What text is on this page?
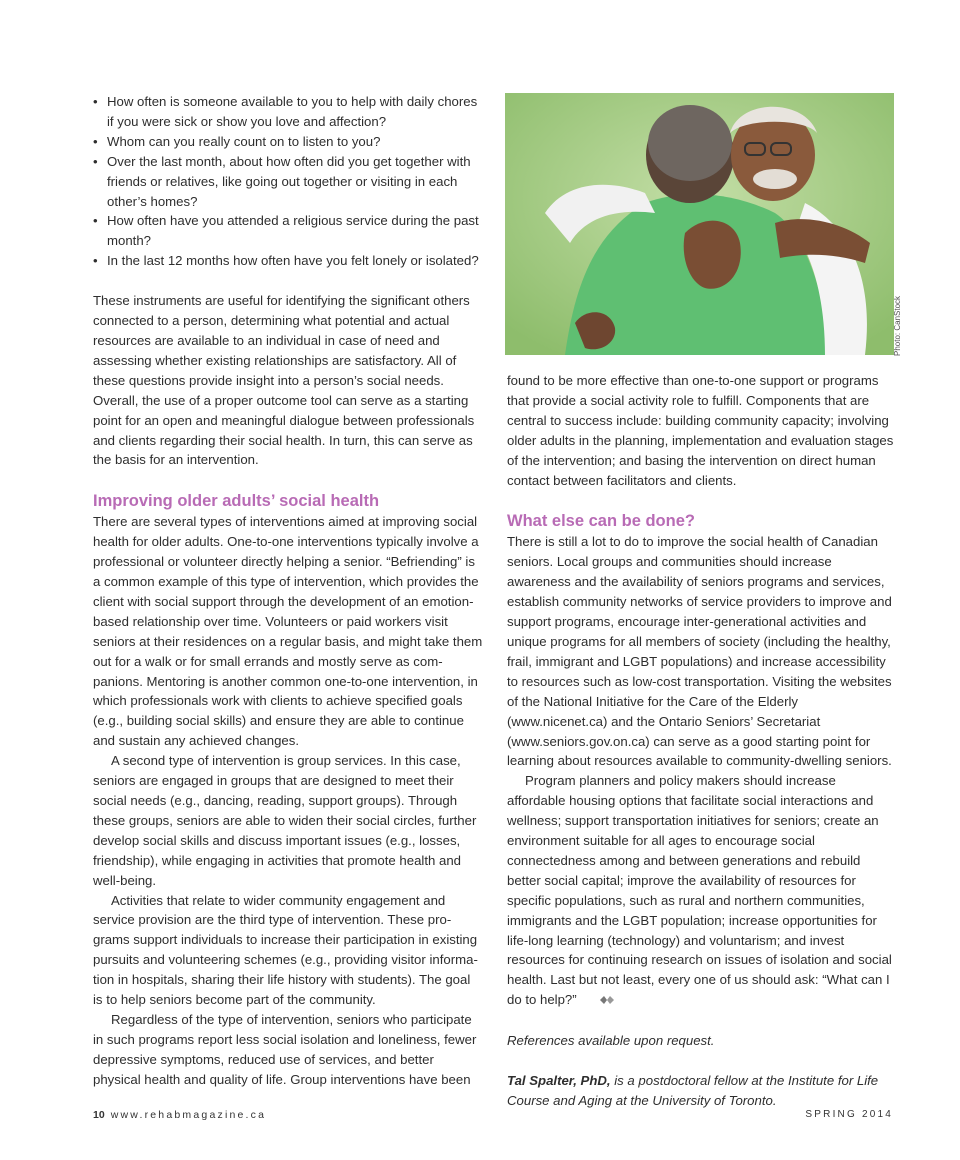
• How often is someone available to you to help with daily chores if you were sick or show you love and affection?
• Whom can you really count on to listen to you?
• Over the last month, about how often did you get together with friends or relatives, like going out together or visiting in each other’s homes?
• How often have you attended a religious service during the past month?
• In the last 12 months how often have you felt lonely or isolated?

These instruments are useful for identifying the significant others connected to a person, determining what potential and actual resources are available to an individual in case of need and assessing whether existing relationships are satisfactory. All of these questions provide insight into a person’s social needs. Overall, the use of a proper outcome tool can serve as a starting point for an open and meaningful dialogue between professionals and clients regarding their social health. In turn, this can serve as the basis for an intervention.

Improving older adults’ social health

There are several types of interventions aimed at improving social health for older adults. One-to-one interventions typically involve a professional or volunteer directly helping a senior. “Befriending” is a common example of this type of intervention, which provides the client with social support through the development of an emotion-based relationship over time. Volunteers or paid workers visit seniors at their residences on a regular basis, and might take them out for a walk or for small errands and mostly serve as companions. Mentoring is another common one-to-one intervention, in which professionals work with clients to achieve specified goals (e.g., building social skills) and ensure they are able to continue and sustain any achieved changes.

A second type of intervention is group services. In this case, seniors are engaged in groups that are designed to meet their social needs (e.g., dancing, reading, support groups). Through these groups, seniors are able to widen their social circles, further develop social skills and discuss important issues (e.g., losses, friendship), while engaging in activities that promote health and well-being.

Activities that relate to wider community engagement and service provision are the third type of intervention. These programs support individuals to increase their participation in existing pursuits and volunteering schemes (e.g., providing visitor information in hospitals, sharing their life history with students). The goal is to help seniors become part of the community.

Regardless of the type of intervention, seniors who participate in such programs report less social isolation and loneliness, fewer depressive symptoms, reduced use of services, and better physical health and quality of life. Group interventions have been

Photo: CanStock

found to be more effective than one-to-one support or programs that provide a social activity role to fulfill. Components that are central to success include: building community capacity; involving older adults in the planning, implementation and evaluation stages of the intervention; and basing the intervention on direct human contact between facilitators and clients.

What else can be done?

There is still a lot to do to improve the social health of Canadian seniors. Local groups and communities should increase awareness and the availability of seniors programs and services, establish community networks of service providers to improve and support programs, encourage inter-generational activities and unique programs for all members of society (including the healthy, frail, immigrant and LGBT populations) and increase accessibility to resources such as low-cost transportation. Visiting the websites of the National Initiative for the Care of the Elderly (www.nicenet.ca) and the Ontario Seniors’ Secretariat (www.seniors.gov.on.ca) can serve as a good starting point for learning about resources available to community-dwelling seniors.

Program planners and policy makers should increase affordable housing options that facilitate social interactions and wellness; support transportation initiatives for seniors; create an environment suitable for all ages to encourage social connectedness among and between generations and rebuild better social capital; improve the availability of resources for specific populations, such as rural and northern communities, immigrants and the LGBT population; increase opportunities for life-long learning (technology) and voluntarism; and invest resources for continuing research on issues of isolation and social health. Last but not least, every one of us should ask: “What can I do to help?”

References available upon request.

Tal Spalter, PhD, is a postdoctoral fellow at the Institute for Life Course and Aging at the University of Toronto.

10 www.rehabmagazine.ca	SPRING 2014
